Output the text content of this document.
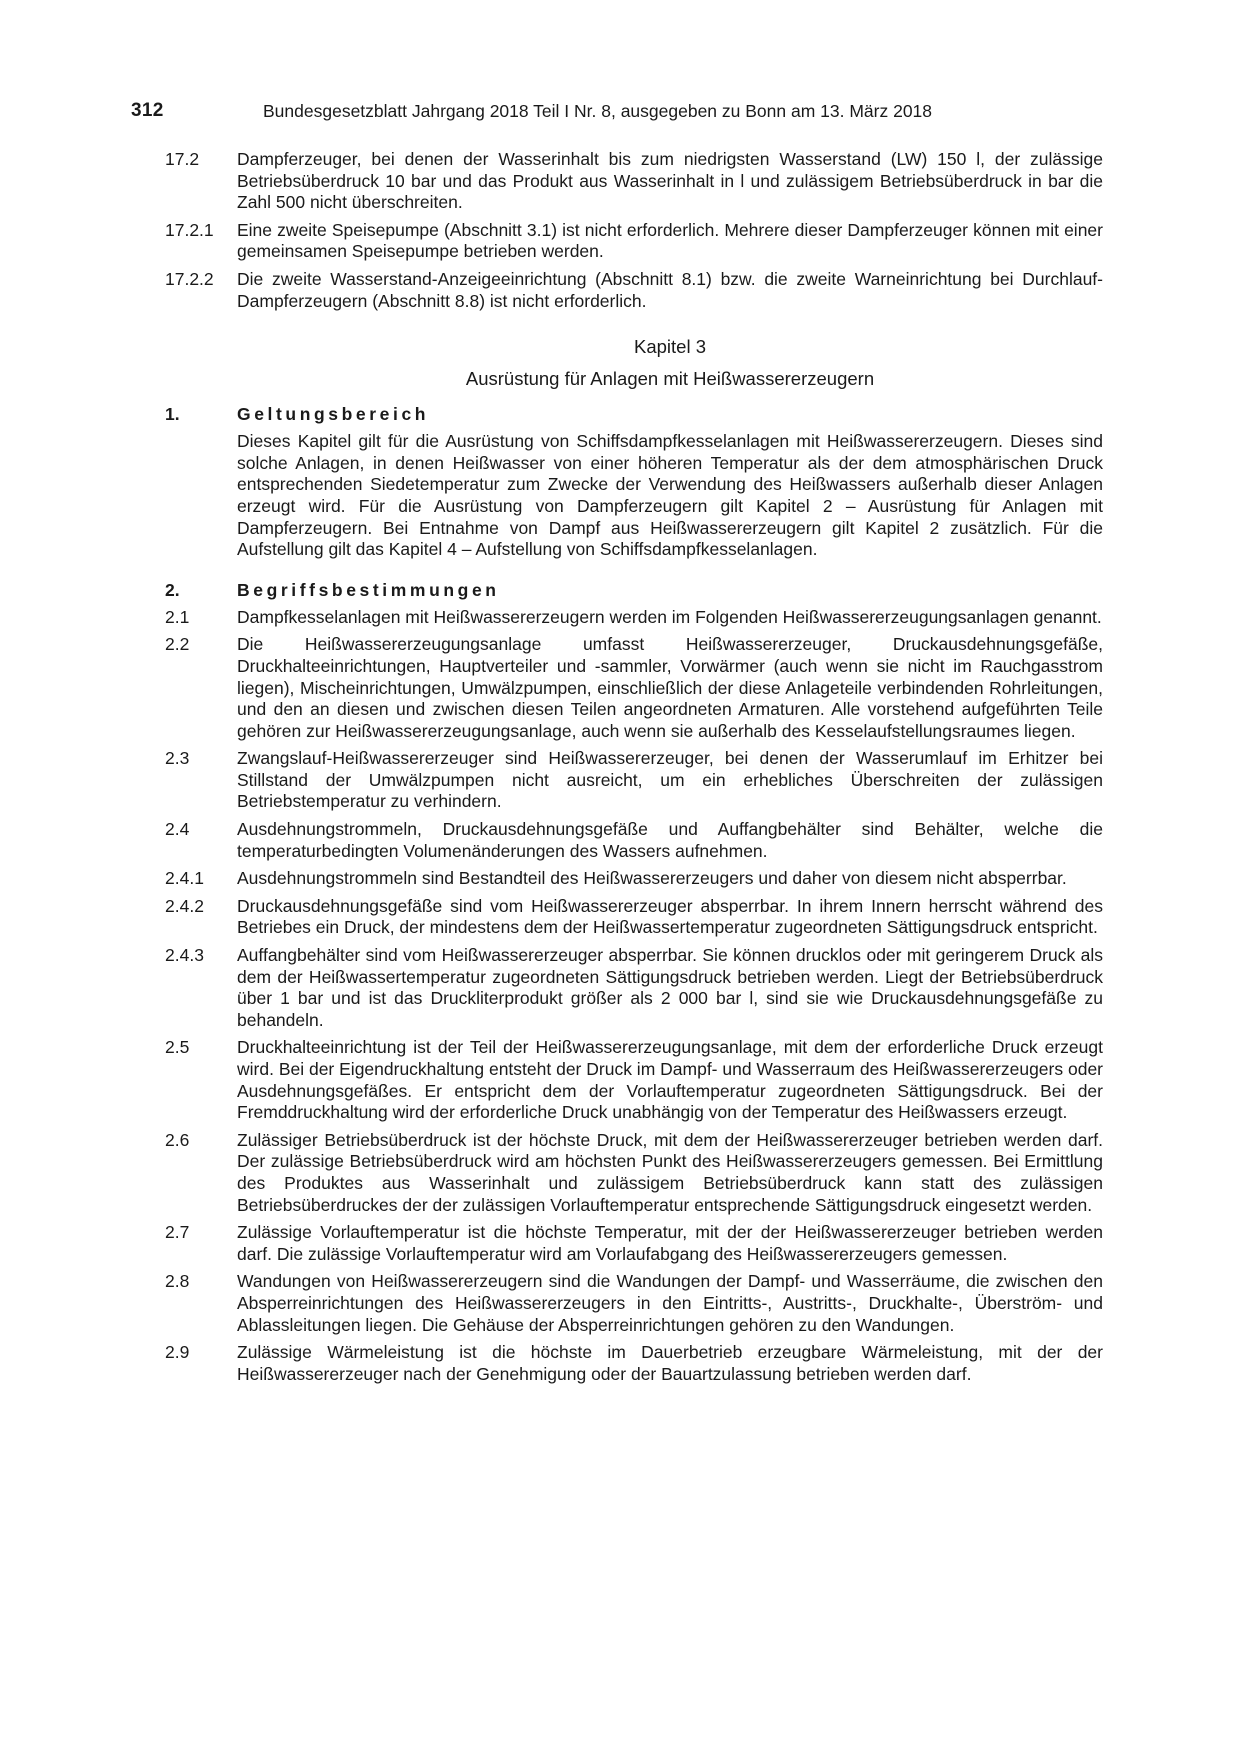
312	Bundesgesetzblatt Jahrgang 2018 Teil I Nr. 8, ausgegeben zu Bonn am 13. März 2018
17.2	Dampferzeuger, bei denen der Wasserinhalt bis zum niedrigsten Wasserstand (LW) 150 l, der zulässige Betriebsüberdruck 10 bar und das Produkt aus Wasserinhalt in l und zulässigem Betriebsüberdruck in bar die Zahl 500 nicht überschreiten.
17.2.1	Eine zweite Speisepumpe (Abschnitt 3.1) ist nicht erforderlich. Mehrere dieser Dampferzeuger können mit einer gemeinsamen Speisepumpe betrieben werden.
17.2.2	Die zweite Wasserstand-Anzeigeeinrichtung (Abschnitt 8.1) bzw. die zweite Warneinrichtung bei Durchlauf-Dampferzeugern (Abschnitt 8.8) ist nicht erforderlich.
Kapitel 3
Ausrüstung für Anlagen mit Heißwassererzeugern
1.	Geltungsbereich
Dieses Kapitel gilt für die Ausrüstung von Schiffsdampfkesselanlagen mit Heißwassererzeugern. Dieses sind solche Anlagen, in denen Heißwasser von einer höheren Temperatur als der dem atmosphärischen Druck entsprechenden Siedetemperatur zum Zwecke der Verwendung des Heißwassers außerhalb dieser Anlagen erzeugt wird. Für die Ausrüstung von Dampferzeugern gilt Kapitel 2 – Ausrüstung für Anlagen mit Dampferzeugern. Bei Entnahme von Dampf aus Heißwassererzeugern gilt Kapitel 2 zusätzlich. Für die Aufstellung gilt das Kapitel 4 – Aufstellung von Schiffsdampfkesselanlagen.
2.	Begriffsbestimmungen
2.1	Dampfkesselanlagen mit Heißwassererzeugern werden im Folgenden Heißwassererzeugungsanlagen genannt.
2.2	Die Heißwassererzeugungsanlage umfasst Heißwassererzeuger, Druckausdehnungsgefäße, Druckhalteeinrichtungen, Hauptverteiler und -sammler, Vorwärmer (auch wenn sie nicht im Rauchgasstrom liegen), Mischeinrichtungen, Umwälzpumpen, einschließlich der diese Anlageteile verbindenden Rohrleitungen, und den an diesen und zwischen diesen Teilen angeordneten Armaturen. Alle vorstehend aufgeführten Teile gehören zur Heißwassererzeugungsanlage, auch wenn sie außerhalb des Kesselaufstellungsraumes liegen.
2.3	Zwangslauf-Heißwassererzeuger sind Heißwassererzeuger, bei denen der Wasserumlauf im Erhitzer bei Stillstand der Umwälzpumpen nicht ausreicht, um ein erhebliches Überschreiten der zulässigen Betriebstemperatur zu verhindern.
2.4	Ausdehnungstrommeln, Druckausdehnungsgefäße und Auffangbehälter sind Behälter, welche die temperaturbedingten Volumenänderungen des Wassers aufnehmen.
2.4.1	Ausdehnungstrommeln sind Bestandteil des Heißwassererzeugers und daher von diesem nicht absperrbar.
2.4.2	Druckausdehnungsgefäße sind vom Heißwassererzeuger absperrbar. In ihrem Innern herrscht während des Betriebes ein Druck, der mindestens dem der Heißwassertemperatur zugeordneten Sättigungsdruck entspricht.
2.4.3	Auffangbehälter sind vom Heißwassererzeuger absperrbar. Sie können drucklos oder mit geringerem Druck als dem der Heißwassertemperatur zugeordneten Sättigungsdruck betrieben werden. Liegt der Betriebsüberdruck über 1 bar und ist das Druckliterprodukt größer als 2 000 bar l, sind sie wie Druckausdehnungsgefäße zu behandeln.
2.5	Druckhalteeinrichtung ist der Teil der Heißwassererzeugungsanlage, mit dem der erforderliche Druck erzeugt wird. Bei der Eigendruckhaltung entsteht der Druck im Dampf- und Wasserraum des Heißwassererzeugers oder Ausdehnungsgefäßes. Er entspricht dem der Vorlauftemperatur zugeordneten Sättigungsdruck. Bei der Fremddruckhaltung wird der erforderliche Druck unabhängig von der Temperatur des Heißwassers erzeugt.
2.6	Zulässiger Betriebsüberdruck ist der höchste Druck, mit dem der Heißwassererzeuger betrieben werden darf. Der zulässige Betriebsüberdruck wird am höchsten Punkt des Heißwassererzeugers gemessen. Bei Ermittlung des Produktes aus Wasserinhalt und zulässigem Betriebsüberdruck kann statt des zulässigen Betriebsüberdruckes der der zulässigen Vorlauftemperatur entsprechende Sättigungsdruck eingesetzt werden.
2.7	Zulässige Vorlauftemperatur ist die höchste Temperatur, mit der der Heißwassererzeuger betrieben werden darf. Die zulässige Vorlauftemperatur wird am Vorlaufabgang des Heißwassererzeugers gemessen.
2.8	Wandungen von Heißwassererzeugern sind die Wandungen der Dampf- und Wasserräume, die zwischen den Absperreinrichtungen des Heißwassererzeugers in den Eintritts-, Austritts-, Druckhalte-, Überström- und Ablassleitungen liegen. Die Gehäuse der Absperreinrichtungen gehören zu den Wandungen.
2.9	Zulässige Wärmeleistung ist die höchste im Dauerbetrieb erzeugbare Wärmeleistung, mit der der Heißwassererzeuger nach der Genehmigung oder der Bauartzulassung betrieben werden darf.
